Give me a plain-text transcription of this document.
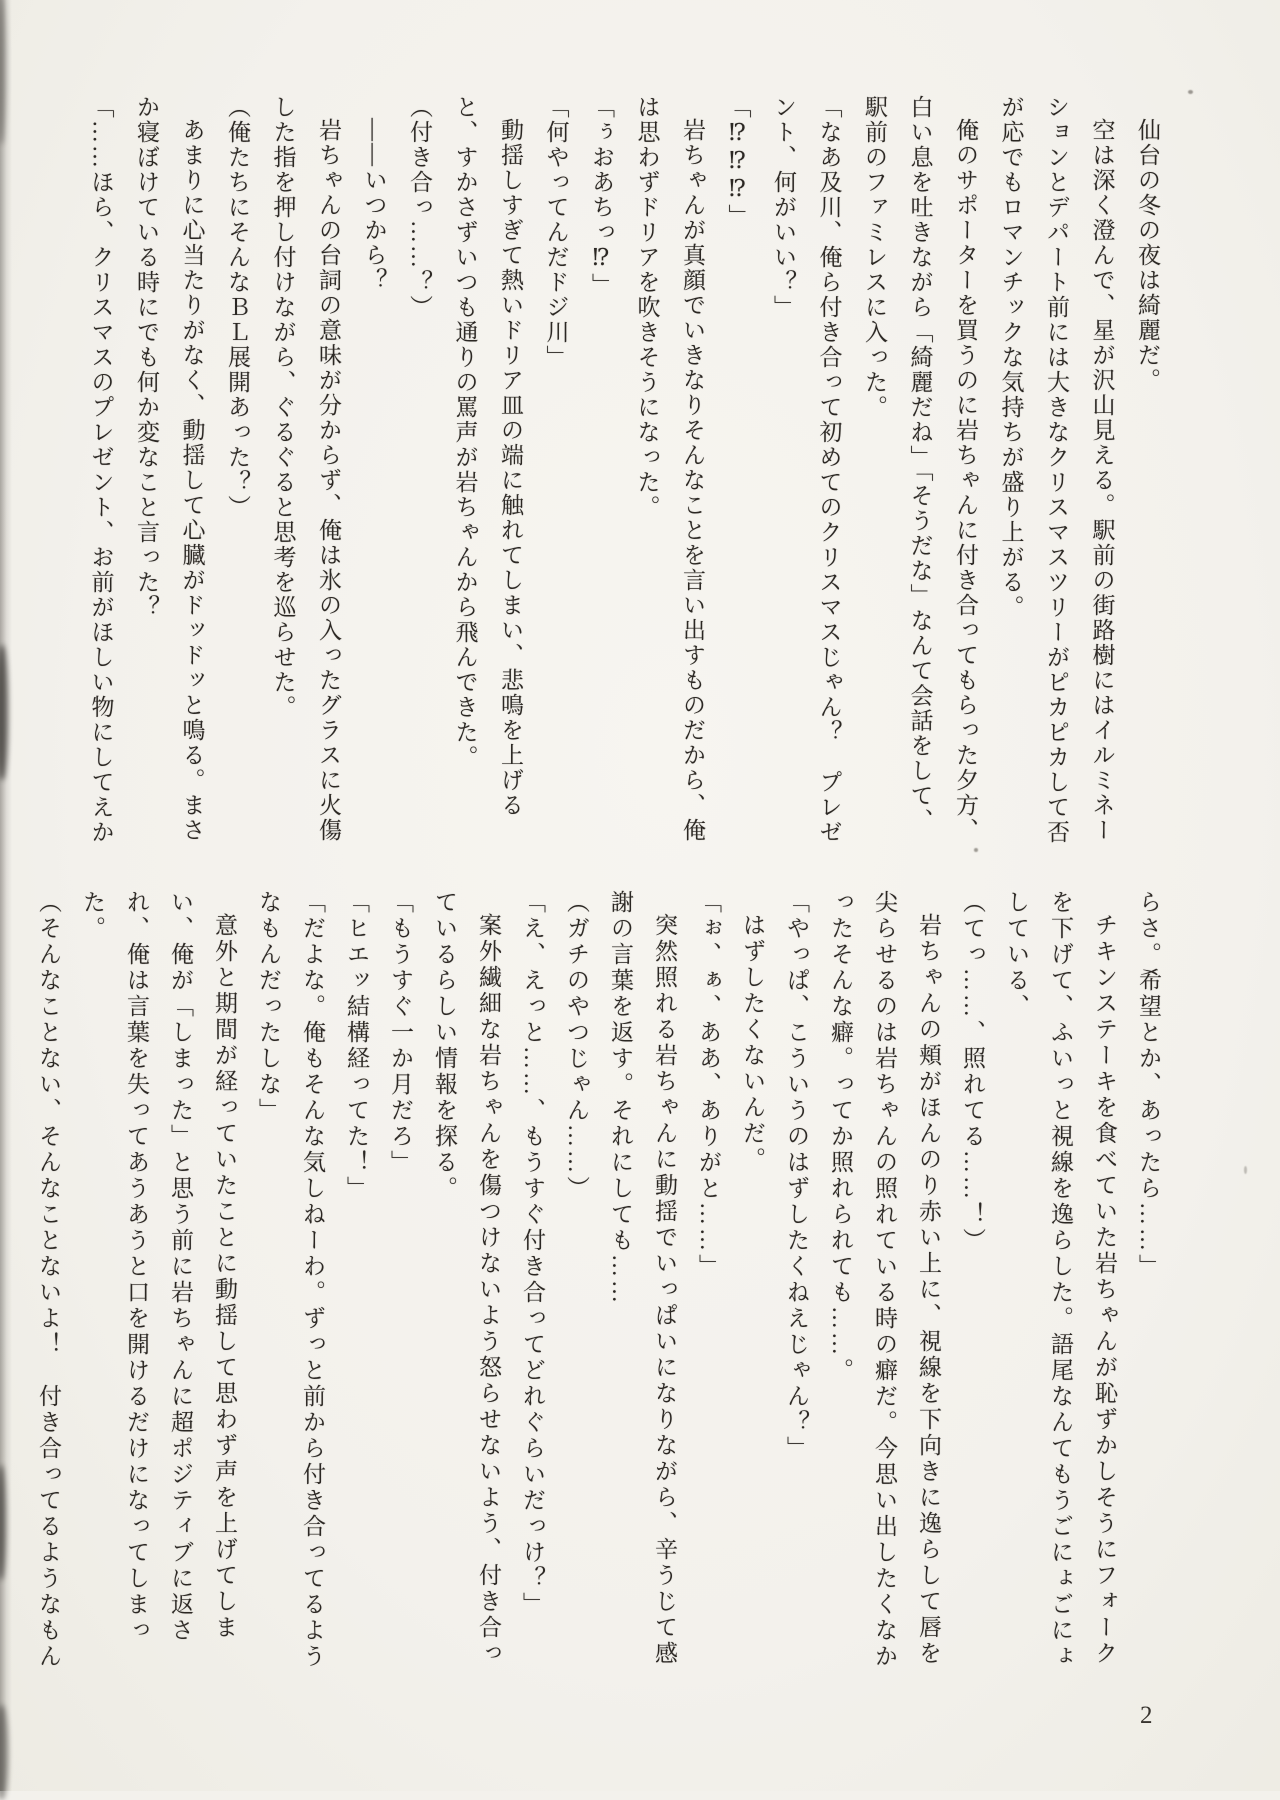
仙台の冬の夜は綺麗だ。

空は深く澄んで、星が沢山見える。駅前の街路樹にはイルミネーションとデパート前には大きなクリスマスツリーがピカピカして否が応でもロマンチックな気持ちが盛り上がる。

俺のサポーターを買うのに岩ちゃんに付き合ってもらった夕方、白い息を吐きながら「綺麗だね」「そうだな」なんて会話をして、駅前のファミレスに入った。

「なあ及川、俺ら付き合って初めてのクリスマスじゃん？　プレゼント、何がいい？」

「⁉⁉⁉」

岩ちゃんが真顔でいきなりそんなことを言い出すものだから、俺は思わずドリアを吹きそうになった。

「ぅおあちっ⁉」

「何やってんだドジ川」

動揺しすぎて熱いドリア皿の端に触れてしまい、悲鳴を上げると、すかさずいつも通りの罵声が岩ちゃんから飛んできた。

（付き合っ……？）

――いつから？

岩ちゃんの台詞の意味が分からず、俺は氷の入ったグラスに火傷した指を押し付けながら、ぐるぐると思考を巡らせた。

（俺たちにそんなＢＬ展開あった？）

あまりに心当たりがなく、動揺して心臓がドッドッと鳴る。まさか寝ぼけている時にでも何か変なこと言った？

「……ほら、クリスマスのプレゼント、お前がほしい物にしてえか

らさ。希望とか、あったら……」

チキンステーキを食べていた岩ちゃんが恥ずかしそうにフォークを下げて、ふいっと視線を逸らした。語尾なんてもうごにょごにょしている、

（てっ……、照れてる……！）

岩ちゃんの頬がほんのり赤い上に、視線を下向きに逸らして唇を尖らせるのは岩ちゃんの照れている時の癖だ。今思い出したくなかったそんな癖。ってか照れられても……。

「やっぱ、こういうのはずしたくねえじゃん？」

はずしたくないんだ。

「ぉ、ぁ、ああ、ありがと……」

突然照れる岩ちゃんに動揺でいっぱいになりながら、辛うじて感謝の言葉を返す。それにしても……

（ガチのやつじゃん……）

「え、えっと……、もうすぐ付き合ってどれぐらいだっけ？」

案外繊細な岩ちゃんを傷つけないよう怒らせないよう、付き合っているらしい情報を探る。

「もうすぐ一か月だろ」

「ヒエッ結構経ってた！」

「だよな。俺もそんな気しねーわ。ずっと前から付き合ってるようなもんだったしな」

意外と期間が経っていたことに動揺して思わず声を上げてしまい、俺が「しまった」と思う前に岩ちゃんに超ポジティブに返され、俺は言葉を失ってあうあうと口を開けるだけになってしまった。

（そんなことない、そんなことないよ！　付き合ってるようなもん

2
